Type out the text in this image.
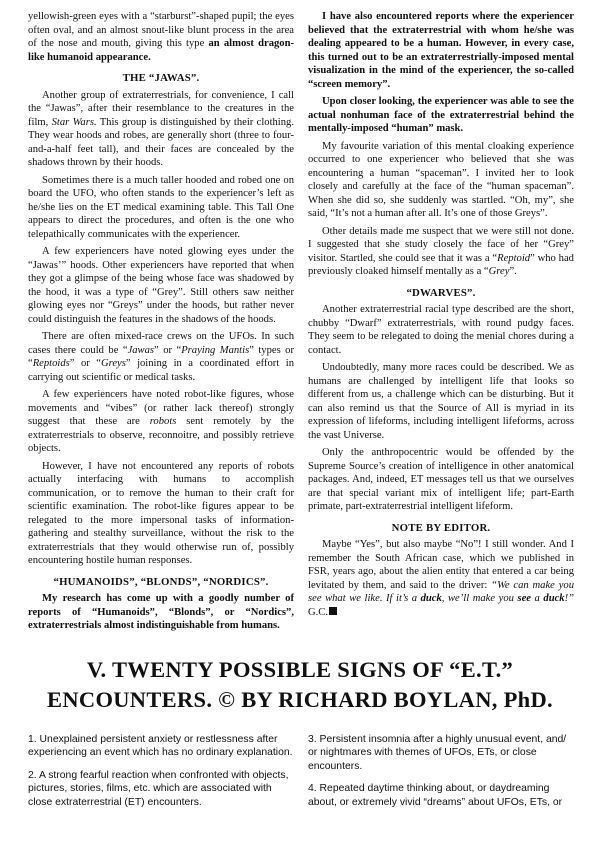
yellowish-green eyes with a “starburst”-shaped pupil; the eyes often oval, and an almost snout-like blunt process in the area of the nose and mouth, giving this type an almost dragon-like humanoid appearance.

THE “JAWAS”.

Another group of extraterrestrials, for convenience, I call the “Jawas”, after their resemblance to the creatures in the film, Star Wars. This group is distinguished by their clothing. They wear hoods and robes, are generally short (three to four-and-a-half feet tall), and their faces are concealed by the shadows thrown by their hoods.

Sometimes there is a much taller hooded and robed one on board the UFO, who often stands to the experiencer’s left as he/she lies on the ET medical examining table. This Tall One appears to direct the procedures, and often is the one who telepathically communicates with the experiencer.

A few experiencers have noted glowing eyes under the “Jawas’” hoods. Other experiencers have reported that when they got a glimpse of the being whose face was shadowed by the hood, it was a type of “Grey”. Still others saw neither glowing eyes nor “Greys” under the hoods, but rather never could distinguish the features in the shadows of the hoods.

There are often mixed-race crews on the UFOs. In such cases there could be “Jawas” or “Praying Mantis” types or “Reptoids” or “Greys” joining in a coordinated effort in carrying out scientific or medical tasks.

A few experiencers have noted robot-like figures, whose movements and “vibes” (or rather lack thereof) strongly suggest that these are robots sent remotely by the extraterrestrials to observe, reconnoitre, and possibly retrieve objects.

However, I have not encountered any reports of robots actually interfacing with humans to accomplish communication, or to remove the human to their craft for scientific examination. The robot-like figures appear to be relegated to the more impersonal tasks of information-gathering and stealthy surveillance, without the risk to the extraterrestrials that they would otherwise run of, possibly encountering hostile human responses.

“HUMANOIDS”, “BLONDS”, “NORDICS”.

My research has come up with a goodly number of reports of “Humanoids”, “Blonds”, or “Nordics”, extraterrestrials almost indistinguishable from humans.

I have also encountered reports where the experiencer believed that the extraterrestrial with whom he/she was dealing appeared to be a human. However, in every case, this turned out to be an extraterrestrially-imposed mental visualization in the mind of the experiencer, the so-called “screen memory”.

Upon closer looking, the experiencer was able to see the actual nonhuman face of the extraterrestrial behind the mentally-imposed “human” mask.

My favourite variation of this mental cloaking experience occurred to one experiencer who believed that she was encountering a human “spaceman”. I invited her to look closely and carefully at the face of the “human spaceman”. When she did so, she suddenly was startled. “Oh, my”, she said, “It’s not a human after all. It’s one of those Greys”.

Other details made me suspect that we were still not done. I suggested that she study closely the face of her “Grey” visitor. Startled, she could see that it was a “Reptoid” who had previously cloaked himself mentally as a “Grey”.

“DWARVES”.

Another extraterrestrial racial type described are the short, chubby “Dwarf” extraterrestrials, with round pudgy faces. They seem to be relegated to doing the menial chores during a contact.

Undoubtedly, many more races could be described. We as humans are challenged by intelligent life that looks so different from us, a challenge which can be disturbing. But it can also remind us that the Source of All is myriad in its expression of lifeforms, including intelligent lifeforms, across the vast Universe.

Only the anthropocentric would be offended by the Supreme Source’s creation of intelligence in other anatomical packages. And, indeed, ET messages tell us that we ourselves are that special variant mix of intelligent life; part-Earth primate, part-extraterrestrial intelligent lifeform.

NOTE BY EDITOR.

Maybe “Yes”, but also maybe “No”! I still wonder. And I remember the South African case, which we published in FSR, years ago, about the alien entity that entered a car being levitated by them, and said to the driver: “We can make you see what we like. If it’s a duck, we’ll make you see a duck!” G.C.

V. TWENTY POSSIBLE SIGNS OF “E.T.”
ENCOUNTERS. © BY RICHARD BOYLAN, PhD.

1. Unexplained persistent anxiety or restlessness after experiencing an event which has no ordinary explanation.

2. A strong fearful reaction when confronted with objects, pictures, stories, films, etc. which are associated with close extraterrestrial (ET) encounters.

3. Persistent insomnia after a highly unusual event, and/ or nightmares with themes of UFOs, ETs, or close encounters.

4. Repeated daytime thinking about, or daydreaming about, or extremely vivid “dreams” about UFOs, ETs, or
